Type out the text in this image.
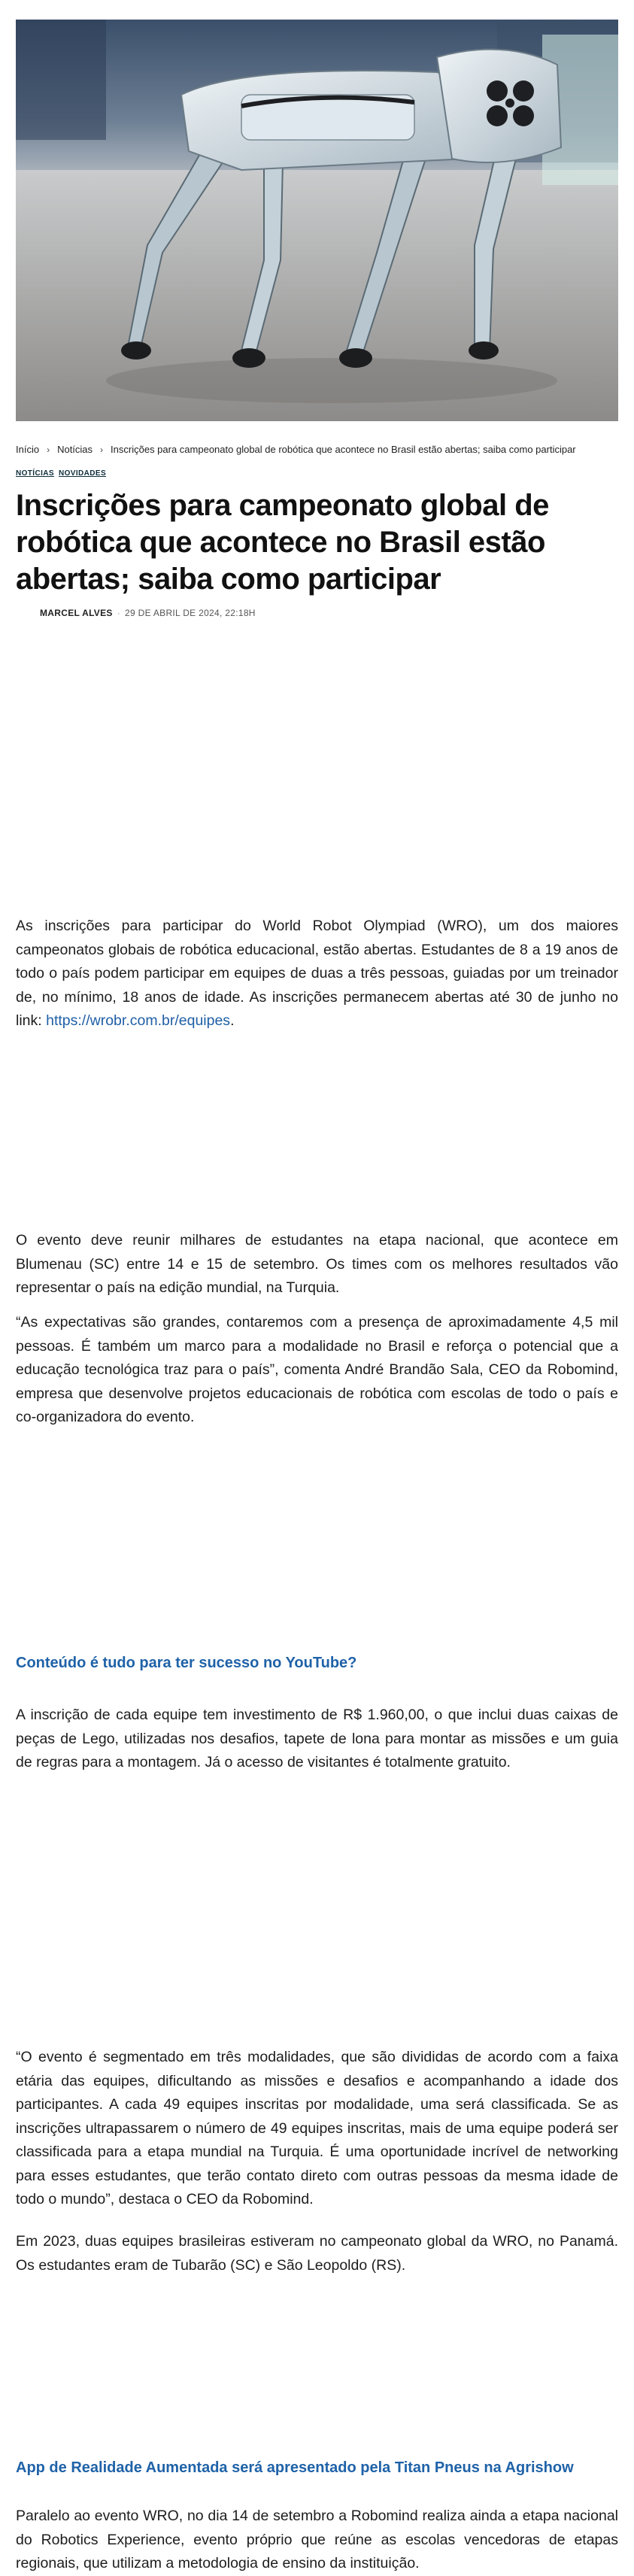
Início › Notícias › Inscrições para campeonato global de robótica que acontece no Brasil estão abertas; saiba como participar
NOTÍCIAS NOVIDADES
Inscrições para campeonato global de robótica que acontece no Brasil estão abertas; saiba como participar
MARCEL ALVES · 29 DE ABRIL DE 2024, 22:18H

As inscrições para participar do World Robot Olympiad (WRO), um dos maiores campeonatos globais de robótica educacional, estão abertas. Estudantes de 8 a 19 anos de todo o país podem participar em equipes de duas a três pessoas, guiadas por um treinador de, no mínimo, 18 anos de idade. As inscrições permanecem abertas até 30 de junho no link: https://wrobr.com.br/equipes.

O evento deve reunir milhares de estudantes na etapa nacional, que acontece em Blumenau (SC) entre 14 e 15 de setembro. Os times com os melhores resultados vão representar o país na edição mundial, na Turquia.

“As expectativas são grandes, contaremos com a presença de aproximadamente 4,5 mil pessoas. É também um marco para a modalidade no Brasil e reforça o potencial que a educação tecnológica traz para o país”, comenta André Brandão Sala, CEO da Robomind, empresa que desenvolve projetos educacionais de robótica com escolas de todo o país e co-organizadora do evento.

Conteúdo é tudo para ter sucesso no YouTube?

A inscrição de cada equipe tem investimento de R$ 1.960,00, o que inclui duas caixas de peças de Lego, utilizadas nos desafios, tapete de lona para montar as missões e um guia de regras para a montagem. Já o acesso de visitantes é totalmente gratuito.

“O evento é segmentado em três modalidades, que são divididas de acordo com a faixa etária das equipes, dificultando as missões e desafios e acompanhando a idade dos participantes. A cada 49 equipes inscritas por modalidade, uma será classificada. Se as inscrições ultrapassarem o número de 49 equipes inscritas, mais de uma equipe poderá ser classificada para a etapa mundial na Turquia. É uma oportunidade incrível de networking para esses estudantes, que terão contato direto com outras pessoas da mesma idade de todo o mundo”, destaca o CEO da Robomind.

Em 2023, duas equipes brasileiras estiveram no campeonato global da WRO, no Panamá. Os estudantes eram de Tubarão (SC) e São Leopoldo (RS).

App de Realidade Aumentada será apresentado pela Titan Pneus na Agrishow

Paralelo ao evento WRO, no dia 14 de setembro a Robomind realiza ainda a etapa nacional do Robotics Experience, evento próprio que reúne as escolas vencedoras de etapas regionais, que utilizam a metodologia de ensino da instituição.
